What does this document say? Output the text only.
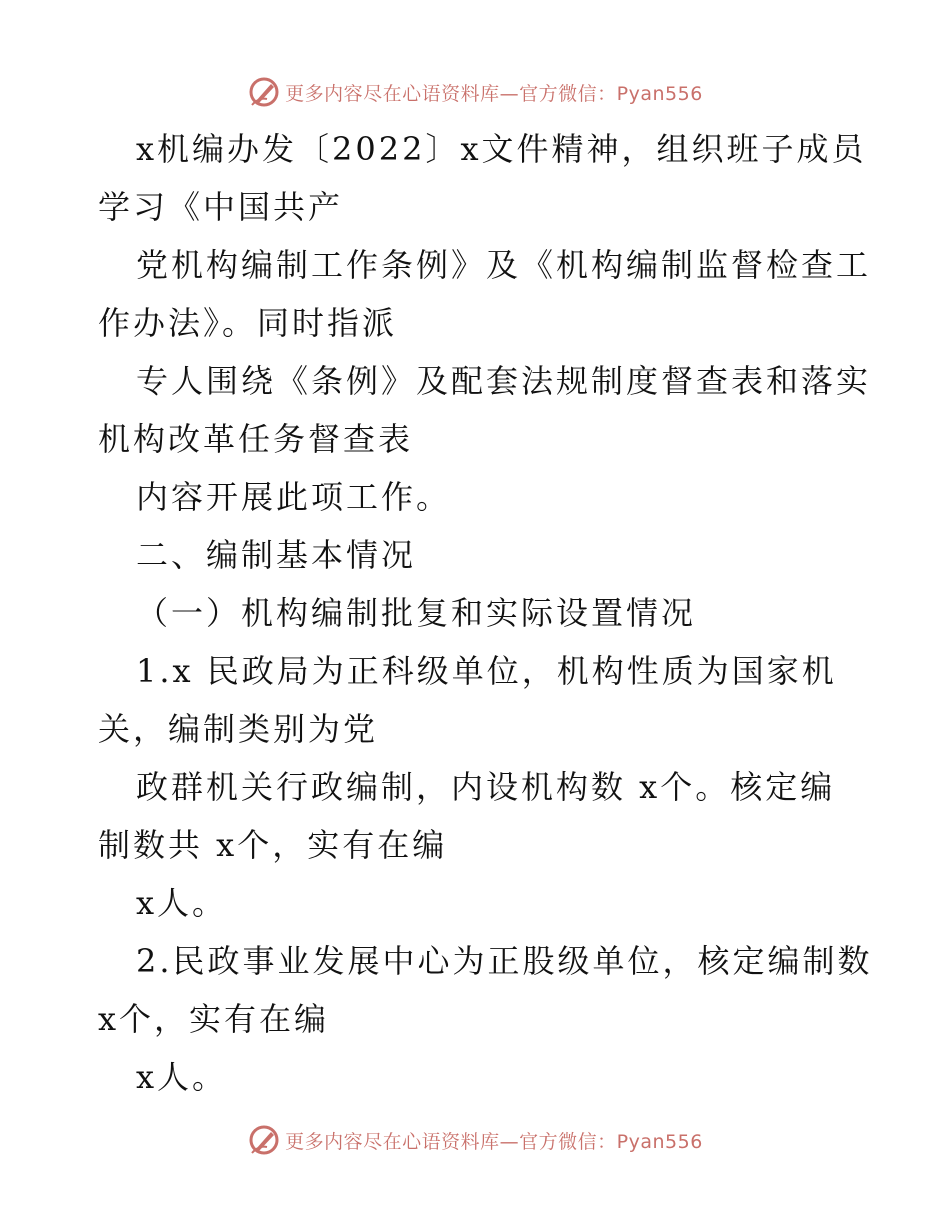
更多内容尽在心语资料库—官方微信：Pyan556
x机编办发〔2022〕x文件精神，组织班子成员
学习《中国共产
党机构编制工作条例》及《机构编制监督检查工
作办法》。同时指派
专人围绕《条例》及配套法规制度督查表和落实
机构改革任务督查表
内容开展此项工作。
二、编制基本情况
（一）机构编制批复和实际设置情况
1.x 民政局为正科级单位，机构性质为国家机
关，编制类别为党
政群机关行政编制，内设机构数 x个。核定编
制数共 x个，实有在编
x人。
2.民政事业发展中心为正股级单位，核定编制数
x个，实有在编
x人。
更多内容尽在心语资料库—官方微信：Pyan556
